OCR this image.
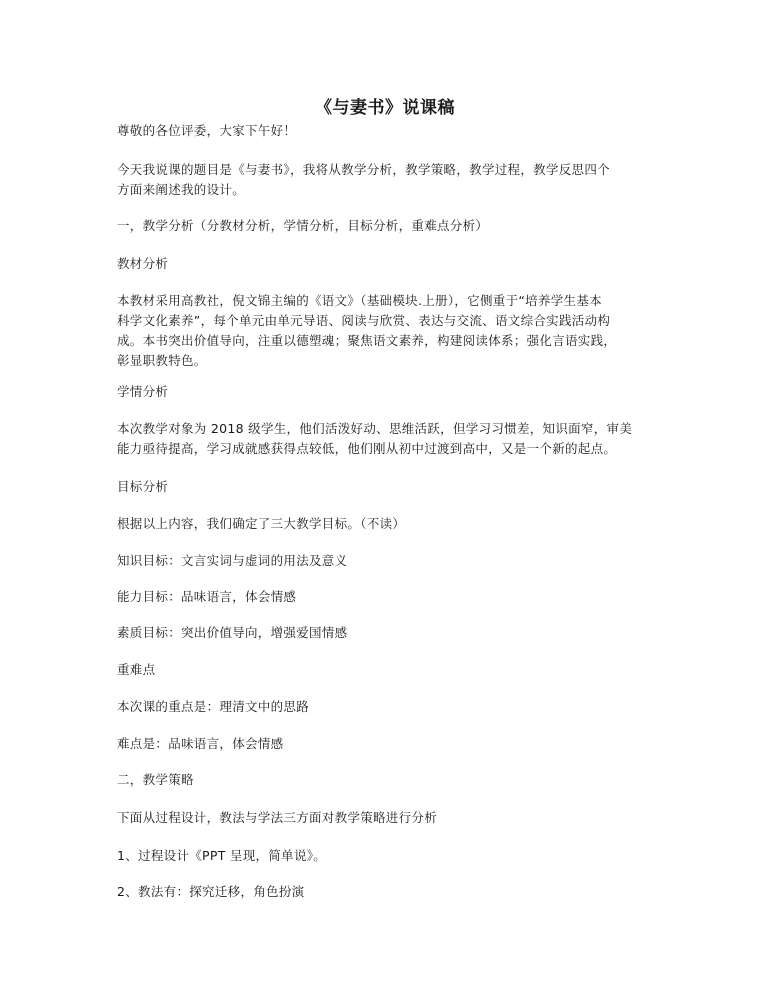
《与妻书》说课稿
尊敬的各位评委，大家下午好！
今天我说课的题目是《与妻书》，我将从教学分析，教学策略，教学过程，教学反思四个
方面来阐述我的设计。
一，教学分析（分教材分析，学情分析，目标分析，重难点分析）
教材分析
本教材采用高教社，倪文锦主编的《语文》（基础模块.上册），它侧重于“培养学生基本
科学文化素养”，每个单元由单元导语、阅读与欣赏、表达与交流、语文综合实践活动构
成。本书突出价值导向，注重以德塑魂；聚焦语文素养，构建阅读体系；强化言语实践，
彰显职教特色。
学情分析
本次教学对象为 2018 级学生，他们活泼好动、思维活跃，但学习习惯差，知识面窄，审美
能力亟待提高，学习成就感获得点较低，他们刚从初中过渡到高中，又是一个新的起点。
目标分析
根据以上内容，我们确定了三大教学目标。（不读）
知识目标：文言实词与虚词的用法及意义
能力目标：品味语言，体会情感
素质目标：突出价值导向，增强爱国情感
重难点
本次课的重点是：理清文中的思路
难点是：品味语言，体会情感
二，教学策略
下面从过程设计，教法与学法三方面对教学策略进行分析
1、过程设计《PPT 呈现，简单说》。
2、教法有：探究迁移，角色扮演
